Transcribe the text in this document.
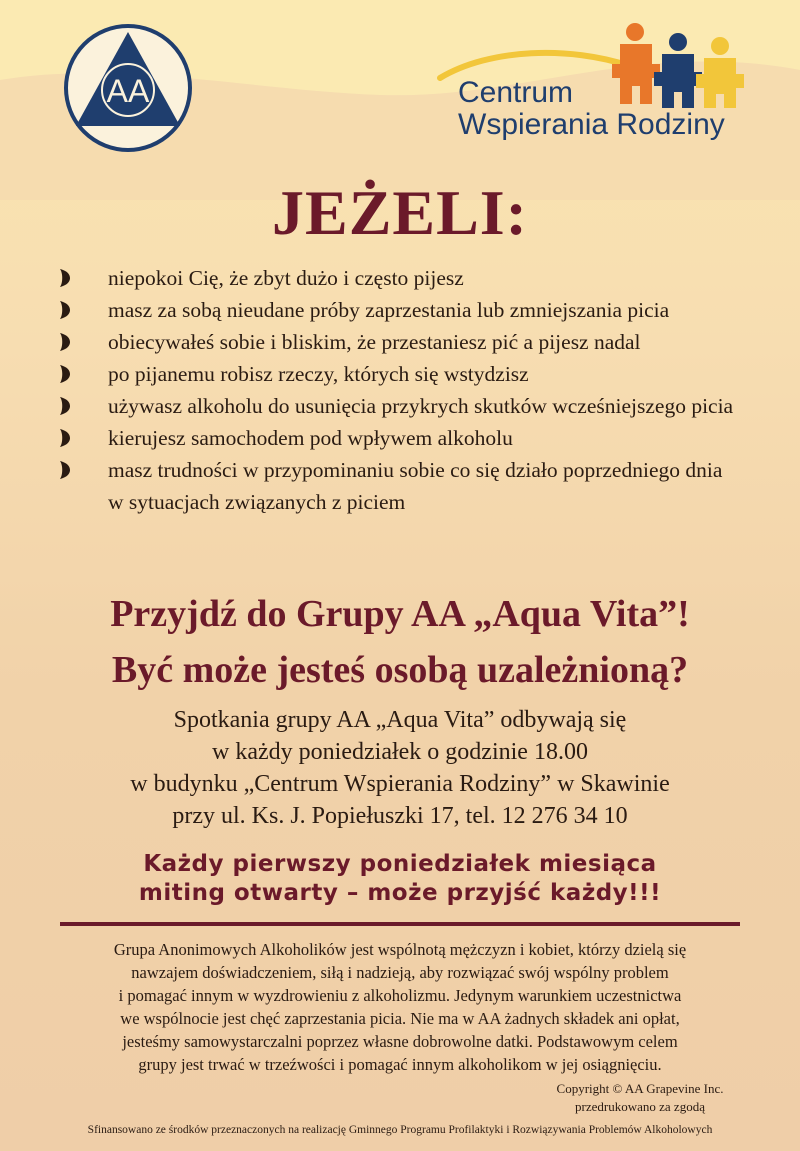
AA	Centrum
Wspierania Rodziny
JEŻELI:
niepokoi Cię, że zbyt dużo i często pijesz
masz za sobą nieudane próby zaprzestania lub zmniejszania picia
obiecywałeś sobie i bliskim, że przestaniesz pić a pijesz nadal
po pijanemu robisz rzeczy, których się wstydzisz
używasz alkoholu do usunięcia przykrych skutków wcześniejszego picia
kierujesz samochodem pod wpływem alkoholu
masz trudności w przypominaniu sobie co się działo poprzedniego dnia w sytuacjach związanych z piciem
Przyjdź do Grupy AA „Aqua Vita”!
Być może jesteś osobą uzależnioną?
Spotkania grupy AA „Aqua Vita” odbywają się
w każdy poniedziałek o godzinie 18.00
w budynku „Centrum Wspierania Rodziny” w Skawinie
przy ul. Ks. J. Popiełuszki 17, tel. 12 276 34 10
Każdy pierwszy poniedziałek miesiąca
miting otwarty – może przyjść każdy!!!
Grupa Anonimowych Alkoholików jest wspólnotą mężczyzn i kobiet, którzy dzielą się
nawzajem doświadczeniem, siłą i nadzieją, aby rozwiązać swój wspólny problem
i pomagać innym w wyzdrowieniu z alkoholizmu. Jedynym warunkiem uczestnictwa
we wspólnocie jest chęć zaprzestania picia. Nie ma w AA żadnych składek ani opłat,
jesteśmy samowystarczalni poprzez własne dobrowolne datki. Podstawowym celem
grupy jest trwać w trzeźwości i pomagać innym alkoholikom w jej osiągnięciu.
Copyright © AA Grapevine Inc.
przedrukowano za zgodą
Sfinansowano ze środków przeznaczonych na realizację Gminnego Programu Profilaktyki i Rozwiązywania Problemów Alkoholowych
